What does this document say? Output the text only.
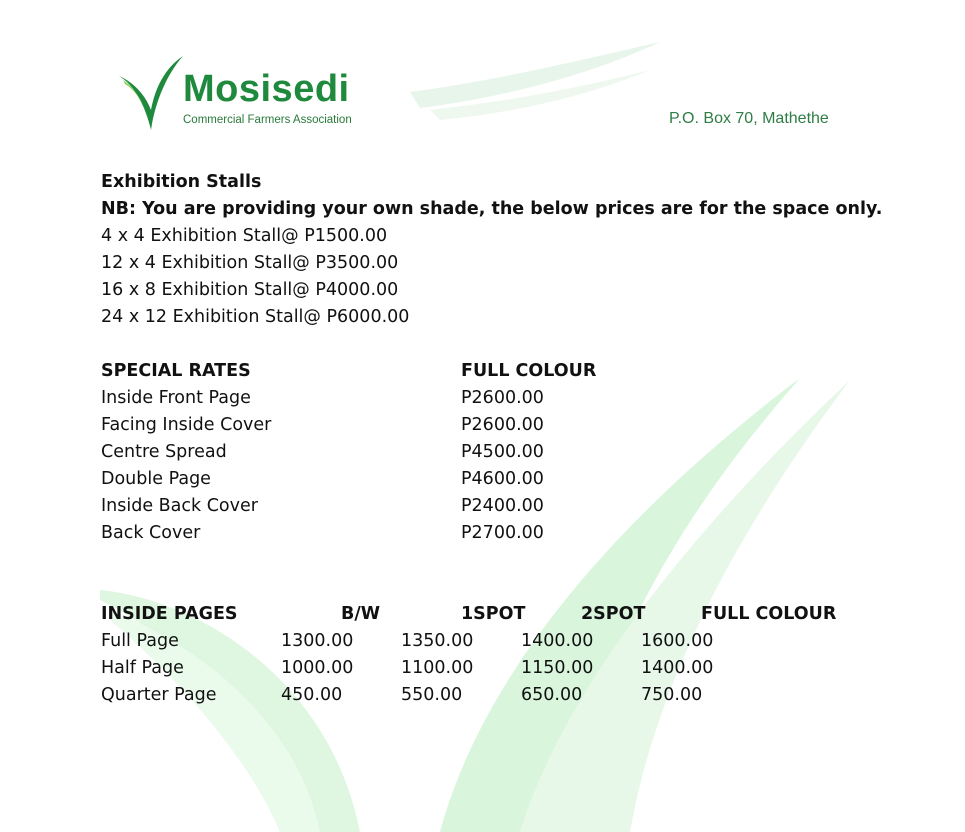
Mosisedi
Commercial Farmers Association	P.O. Box 70, Mathethe
Exhibition Stalls
NB: You are providing your own shade, the below prices are for the space only.
4 x 4 Exhibition Stall@ P1500.00
12 x 4 Exhibition Stall@ P3500.00
16 x 8 Exhibition Stall@ P4000.00
24 x 12 Exhibition Stall@ P6000.00
SPECIAL RATES	FULL COLOUR
Inside Front Page	P2600.00
Facing Inside Cover	P2600.00
Centre Spread	P4500.00
Double Page	P4600.00
Inside Back Cover	P2400.00
Back Cover	P2700.00
INSIDE PAGES	B/W	1SPOT	2SPOT	FULL COLOUR
Full Page	1300.00	1350.00	1400.00	1600.00
Half Page	1000.00	1100.00	1150.00	1400.00
Quarter Page	450.00	550.00	650.00	750.00
